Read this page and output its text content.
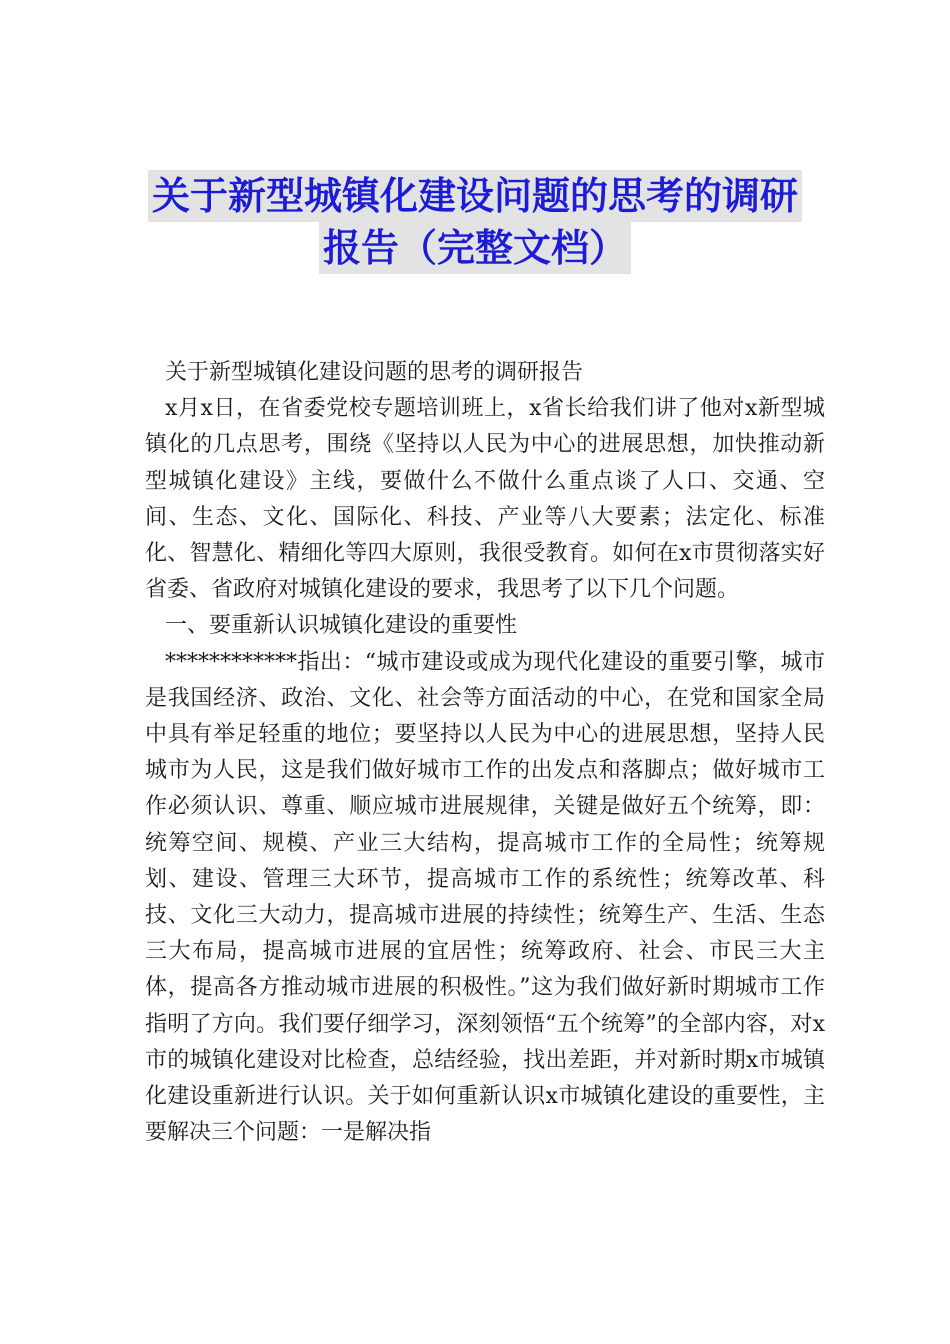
关于新型城镇化建设问题的思考的调研
报告（完整文档）

关于新型城镇化建设问题的思考的调研报告

x月x日，在省委党校专题培训班上，x省长给我们讲了他对x新型城镇化的几点思考，围绕《坚持以人民为中心的进展思想，加快推动新型城镇化建设》主线，要做什么不做什么重点谈了人口、交通、空间、生态、文化、国际化、科技、产业等八大要素；法定化、标准化、智慧化、精细化等四大原则，我很受教育。如何在x市贯彻落实好省委、省政府对城镇化建设的要求，我思考了以下几个问题。

一、要重新认识城镇化建设的重要性

************指出：“城市建设或成为现代化建设的重要引擎，城市是我国经济、政治、文化、社会等方面活动的中心，在党和国家全局中具有举足轻重的地位；要坚持以人民为中心的进展思想，坚持人民城市为人民，这是我们做好城市工作的出发点和落脚点；做好城市工作必须认识、尊重、顺应城市进展规律，关键是做好五个统筹，即：统筹空间、规模、产业三大结构，提高城市工作的全局性；统筹规划、建设、管理三大环节，提高城市工作的系统性；统筹改革、科技、文化三大动力，提高城市进展的持续性；统筹生产、生活、生态三大布局，提高城市进展的宜居性；统筹政府、社会、市民三大主体，提高各方推动城市进展的积极性。”这为我们做好新时期城市工作指明了方向。我们要仔细学习，深刻领悟“五个统筹”的全部内容，对x市的城镇化建设对比检查，总结经验，找出差距，并对新时期x市城镇化建设重新进行认识。关于如何重新认识x市城镇化建设的重要性，主要解决三个问题：一是解决指
